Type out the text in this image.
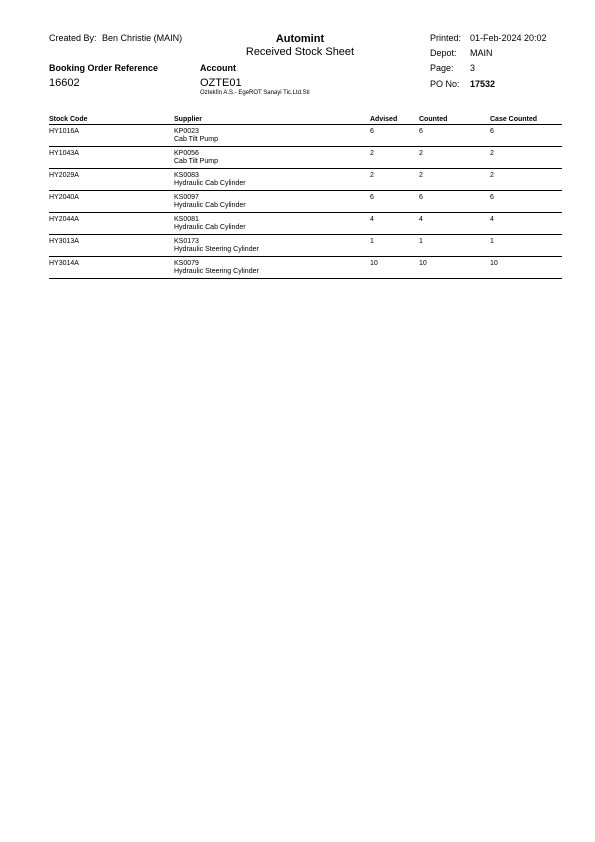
Created By: Ben Christie (MAIN)	Automint
Received Stock Sheet
Printed: 01-Feb-2024 20:02
Depot: MAIN
Page: 3
PO No: 17532
Booking Order Reference
16602
Account
OZTE01
Oztekfin A.S.- EgeROT Sanayi Tic.Ltd.Sti
Stock Code	Supplier	Advised	Counted	Case Counted
HY1016A	KP0023
Cab Tilt Pump	6	6	6
HY1043A	KP0056
Cab Tilt Pump	2	2	2
HY2029A	KS0083
Hydraulic Cab Cylinder	2	2	2
HY2040A	KS0097
Hydraulic Cab Cylinder	6	6	6
HY2044A	KS0081
Hydraulic Cab Cylinder	4	4	4
HY3013A	KS0173
Hydraulic Steering Cylinder	1	1	1
HY3014A	KS0079
Hydraulic Steering Cylinder	10	10	10
